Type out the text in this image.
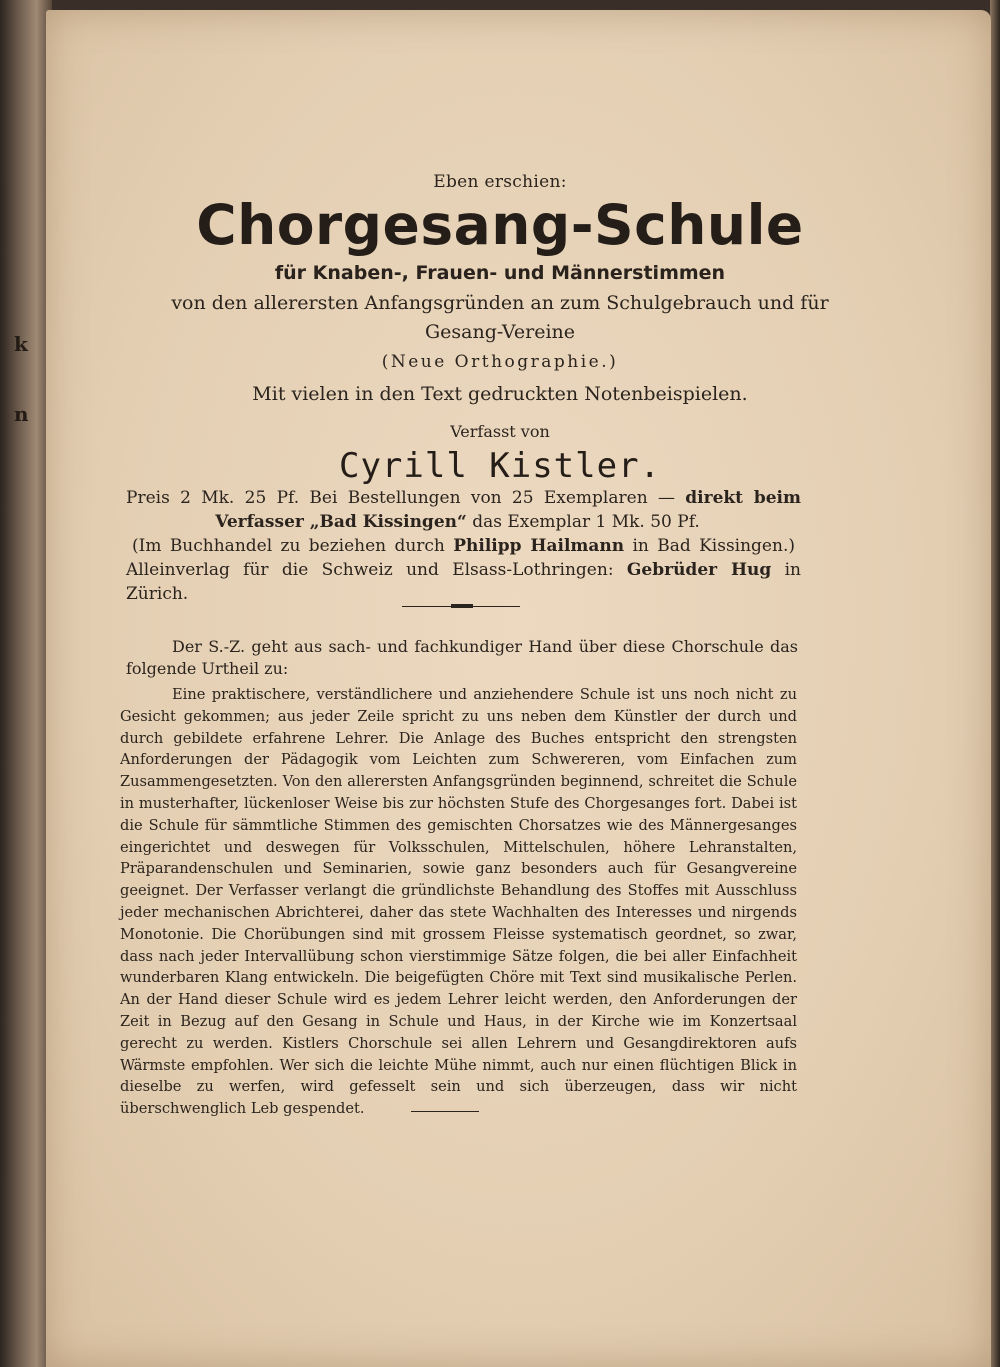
k
n
Eben erschien:
Chorgesang-Schule
für Knaben-, Frauen- und Männerstimmen
von den allerersten Anfangsgründen an zum Schulgebrauch und für
Gesang-Vereine
(Neue Orthographie.)
Mit vielen in den Text gedruckten Notenbeispielen.
Verfasst von
Cyrill Kistler.

Preis 2 Mk. 25 Pf. Bei Bestellungen von 25 Exemplaren — direkt beim

Verfasser „Bad Kissingen“ das Exemplar 1 Mk. 50 Pf.

(Im Buchhandel zu beziehen durch Philipp Hailmann in Bad Kissingen.)

Alleinverlag für die Schweiz und Elsass-Lothringen: Gebrüder Hug in Zürich.

Der S.-Z. geht aus sach- und fachkundiger Hand über diese Chorschule das folgende Urtheil zu:

Eine praktischere, verständlichere und anziehendere Schule ist uns noch nicht zu Gesicht gekommen; aus jeder Zeile spricht zu uns neben dem Künstler der durch und durch gebildete erfahrene Lehrer. Die Anlage des Buches entspricht den strengsten Anforderungen der Pädagogik vom Leichten zum Schwereren, vom Einfachen zum Zusammengesetzten. Von den allerersten Anfangsgründen beginnend, schreitet die Schule in musterhafter, lückenloser Weise bis zur höchsten Stufe des Chorgesanges fort. Dabei ist die Schule für sämmtliche Stimmen des gemischten Chorsatzes wie des Männergesanges eingerichtet und deswegen für Volksschulen, Mittelschulen, höhere Lehranstalten, Präparandenschulen und Seminarien, sowie ganz besonders auch für Gesangvereine geeignet. Der Verfasser verlangt die gründlichste Behandlung des Stoffes mit Ausschluss jeder mechanischen Abrichterei, daher das stete Wachhalten des Interesses und nirgends Monotonie. Die Chorübungen sind mit grossem Fleisse systematisch geordnet, so zwar, dass nach jeder Intervallübung schon vierstimmige Sätze folgen, die bei aller Einfachheit wunderbaren Klang entwickeln. Die beigefügten Chöre mit Text sind musikalische Perlen. An der Hand dieser Schule wird es jedem Lehrer leicht werden, den Anforderungen der Zeit in Bezug auf den Gesang in Schule und Haus, in der Kirche wie im Konzertsaal gerecht zu werden. Kistlers Chorschule sei allen Lehrern und Gesangdirektoren aufs Wärmste empfohlen. Wer sich die leichte Mühe nimmt, auch nur einen flüchtigen Blick in dieselbe zu werfen, wird gefesselt sein und sich überzeugen, dass wir nicht überschwenglich Leb gespendet.
